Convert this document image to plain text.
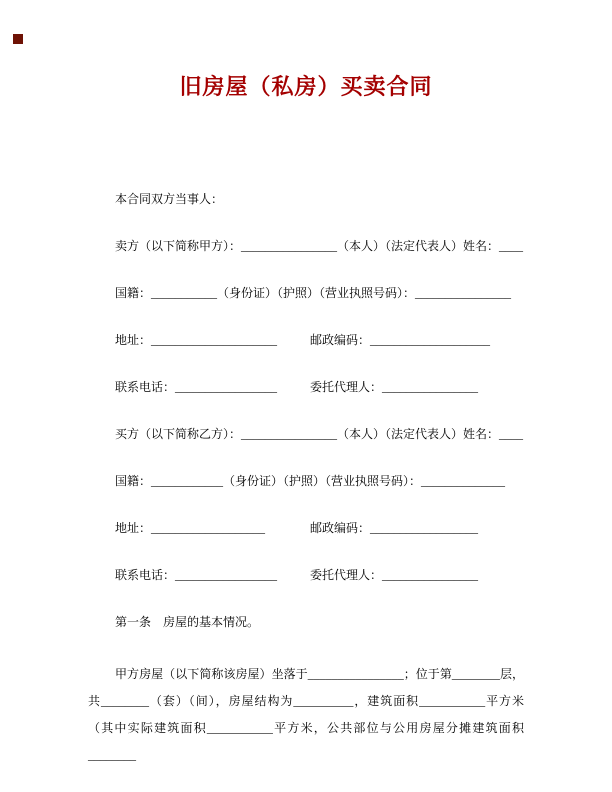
旧房屋（私房）买卖合同

本合同双方当事人：

卖方（以下简称甲方）：________________（本人）（法定代表人）姓名：____

国籍：___________（身份证）（护照）（营业执照号码）：________________

地址：_____________________	邮政编码：____________________
联系电话：_________________	委托代理人：________________

买方（以下简称乙方）：________________（本人）（法定代表人）姓名：____

国籍：____________（身份证）（护照）（营业执照号码）：______________

地址：___________________	邮政编码：__________________
联系电话：_________________	委托代理人：________________

第一条　房屋的基本情况。

甲方房屋（以下简称该房屋）坐落于________________；位于第________层，共________（套）（间），房屋结构为__________，建筑面积___________平方米（其中实际建筑面积___________平方米，公共部位与公用房屋分摊建筑面积________
